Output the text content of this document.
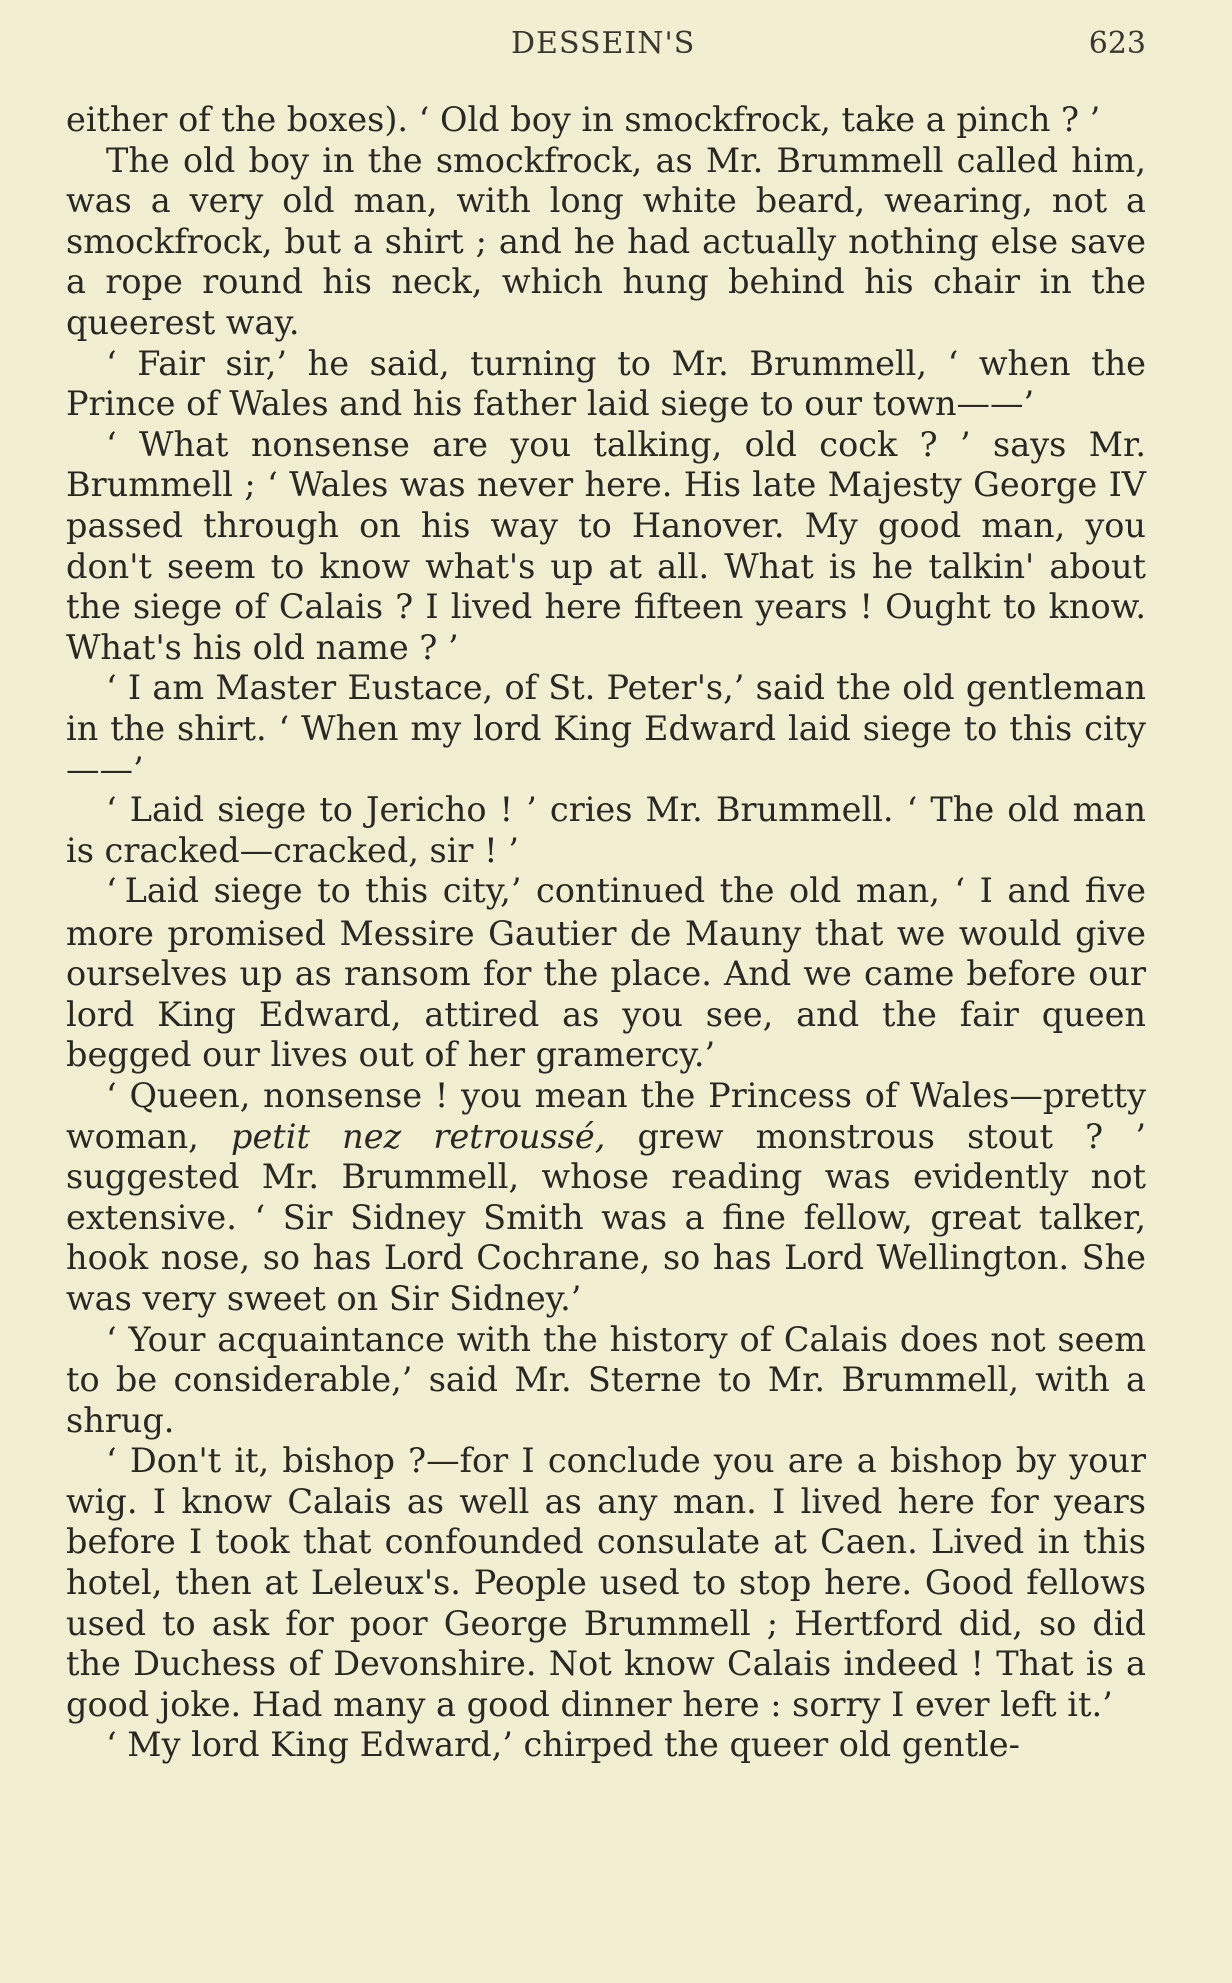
DESSEIN'S	623

either of the boxes). ‘ Old boy in smockfrock, take a pinch ? ’

The old boy in the smockfrock, as Mr. Brummell called him, was a very old man, with long white beard, wearing, not a smockfrock, but a shirt ; and he had actually nothing else save a rope round his neck, which hung behind his chair in the queerest way.

‘ Fair sir,’ he said, turning to Mr. Brummell, ‘ when the Prince of Wales and his father laid siege to our town——’

‘ What nonsense are you talking, old cock ? ’ says Mr. Brummell ; ‘ Wales was never here. His late Majesty George IV passed through on his way to Hanover. My good man, you don't seem to know what's up at all. What is he talkin' about the siege of Calais ? I lived here fifteen years ! Ought to know. What's his old name ? ’

‘ I am Master Eustace, of St. Peter's,’ said the old gentleman in the shirt. ‘ When my lord King Edward laid siege to this city——’

‘ Laid siege to Jericho ! ’ cries Mr. Brummell. ‘ The old man is cracked—cracked, sir ! ’

‘ Laid siege to this city,’ continued the old man, ‘ I and five more promised Messire Gautier de Mauny that we would give ourselves up as ransom for the place. And we came before our lord King Edward, attired as you see, and the fair queen begged our lives out of her gramercy.’

‘ Queen, nonsense ! you mean the Princess of Wales—pretty woman, petit nez retroussé, grew monstrous stout ? ’ suggested Mr. Brummell, whose reading was evidently not extensive. ‘ Sir Sidney Smith was a fine fellow, great talker, hook nose, so has Lord Cochrane, so has Lord Wellington. She was very sweet on Sir Sidney.’

‘ Your acquaintance with the history of Calais does not seem to be considerable,’ said Mr. Sterne to Mr. Brummell, with a shrug.

‘ Don't it, bishop ?—for I conclude you are a bishop by your wig. I know Calais as well as any man. I lived here for years before I took that confounded consulate at Caen. Lived in this hotel, then at Leleux's. People used to stop here. Good fellows used to ask for poor George Brummell ; Hertford did, so did the Duchess of Devonshire. Not know Calais indeed ! That is a good joke. Had many a good dinner here : sorry I ever left it.’

‘ My lord King Edward,’ chirped the queer old gentle-
